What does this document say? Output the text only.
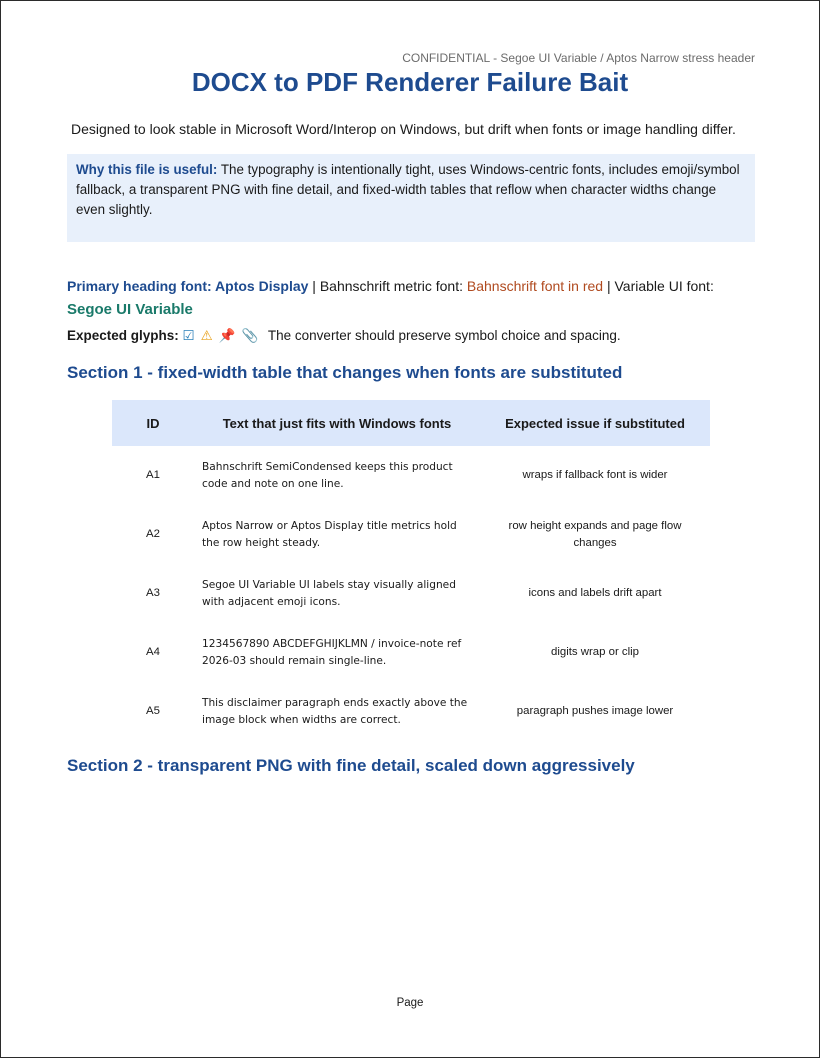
CONFIDENTIAL - Segoe UI Variable / Aptos Narrow stress header
DOCX to PDF Renderer Failure Bait
Designed to look stable in Microsoft Word/Interop on Windows, but drift when fonts or image handling differ.
Why this file is useful: The typography is intentionally tight, uses Windows-centric fonts, includes emoji/symbol fallback, a transparent PNG with fine detail, and fixed-width tables that reflow when character widths change even slightly.
Primary heading font: Aptos Display | Bahnschrift metric font: Bahnschrift font in red | Variable UI font:
Segoe UI Variable
Expected glyphs: ☑ ⚠ 📌 📎 The converter should preserve symbol choice and spacing.
Section 1 - fixed-width table that changes when fonts are substituted
ID	Text that just fits with Windows fonts	Expected issue if substituted
A1	Bahnschrift SemiCondensed keeps this product code and note on one line.	wraps if fallback font is wider
A2	Aptos Narrow or Aptos Display title metrics hold the row height steady.	row height expands and page flow changes
A3	Segoe UI Variable UI labels stay visually aligned with adjacent emoji icons.	icons and labels drift apart
A4	1234567890 ABCDEFGHIJKLMN / invoice-note ref 2026-03 should remain single-line.	digits wrap or clip
A5	This disclaimer paragraph ends exactly above the image block when widths are correct.	paragraph pushes image lower
Section 2 - transparent PNG with fine detail, scaled down aggressively
Page
